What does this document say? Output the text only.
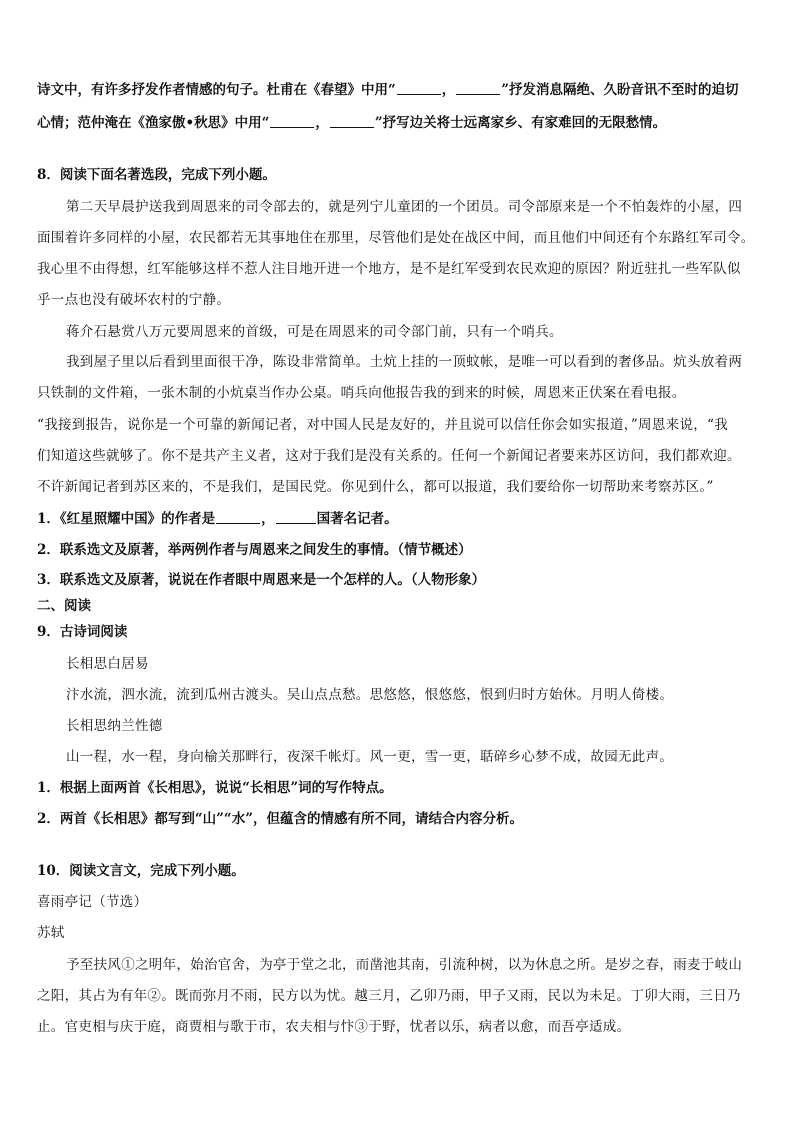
诗文中，有许多抒发作者情感的句子。杜甫在《春望》中用“	，	”抒发消息隔绝、久盼音讯不至时的迫切
心情；范仲淹在《渔家傲•秋思》中用“	，	”抒写边关将士远离家乡、有家难回的无限愁情。
8．阅读下面名著选段，完成下列小题。
第二天早晨护送我到周恩来的司令部去的，就是列宁儿童团的一个团员。司令部原来是一个不怕轰炸的小屋，四
面围着许多同样的小屋，农民都若无其事地住在那里，尽管他们是处在战区中间，而且他们中间还有个东路红军司令。
我心里不由得想，红军能够这样不惹人注目地开进一个地方，是不是红军受到农民欢迎的原因？附近驻扎一些军队似
乎一点也没有破坏农村的宁静。
蒋介石悬赏八万元要周恩来的首级，可是在周恩来的司令部门前，只有一个哨兵。
我到屋子里以后看到里面很干净，陈设非常简单。土炕上挂的一顶蚊帐，是唯一可以看到的奢侈品。炕头放着两
只铁制的文件箱，一张木制的小炕桌当作办公桌。哨兵向他报告我的到来的时候，周恩来正伏案在看电报。
“我接到报告，说你是一个可靠的新闻记者，对中国人民是友好的，并且说可以信任你会如实报道，”周恩来说，“我
们知道这些就够了。你不是共产主义者，这对于我们是没有关系的。任何一个新闻记者要来苏区访问，我们都欢迎。
不许新闻记者到苏区来的，不是我们，是国民党。你见到什么，都可以报道，我们要给你一切帮助来考察苏区。”
1．《红星照耀中国》的作者是	，	国著名记者。
2．联系选文及原著，举两例作者与周恩来之间发生的事情。（情节概述）
3．联系选文及原著，说说在作者眼中周恩来是一个怎样的人。（人物形象）
二、阅读
9．古诗词阅读
长相思白居易
汴水流，泗水流，流到瓜州古渡头。吴山点点愁。思悠悠，恨悠悠，恨到归时方始休。月明人倚楼。
长相思纳兰性德
山一程，水一程，身向榆关那畔行，夜深千帐灯。风一更，雪一更，聒碎乡心梦不成，故园无此声。
1．根据上面两首《长相思》，说说“长相思”词的写作特点。
2．两首《长相思》都写到“山”“水”，但蕴含的情感有所不同，请结合内容分析。
10．阅读文言文，完成下列小题。
喜雨亭记（节选）
苏轼
予至扶风①之明年，始治官舍，为亭于堂之北，而凿池其南，引流种树，以为休息之所。是岁之春，雨麦于岐山
之阳，其占为有年②。既而弥月不雨，民方以为忧。越三月，乙卯乃雨，甲子又雨，民以为未足。丁卯大雨，三日乃
止。官吏相与庆于庭，商贾相与歌于市，农夫相与忭③于野，忧者以乐，病者以愈，而吾亭适成。
